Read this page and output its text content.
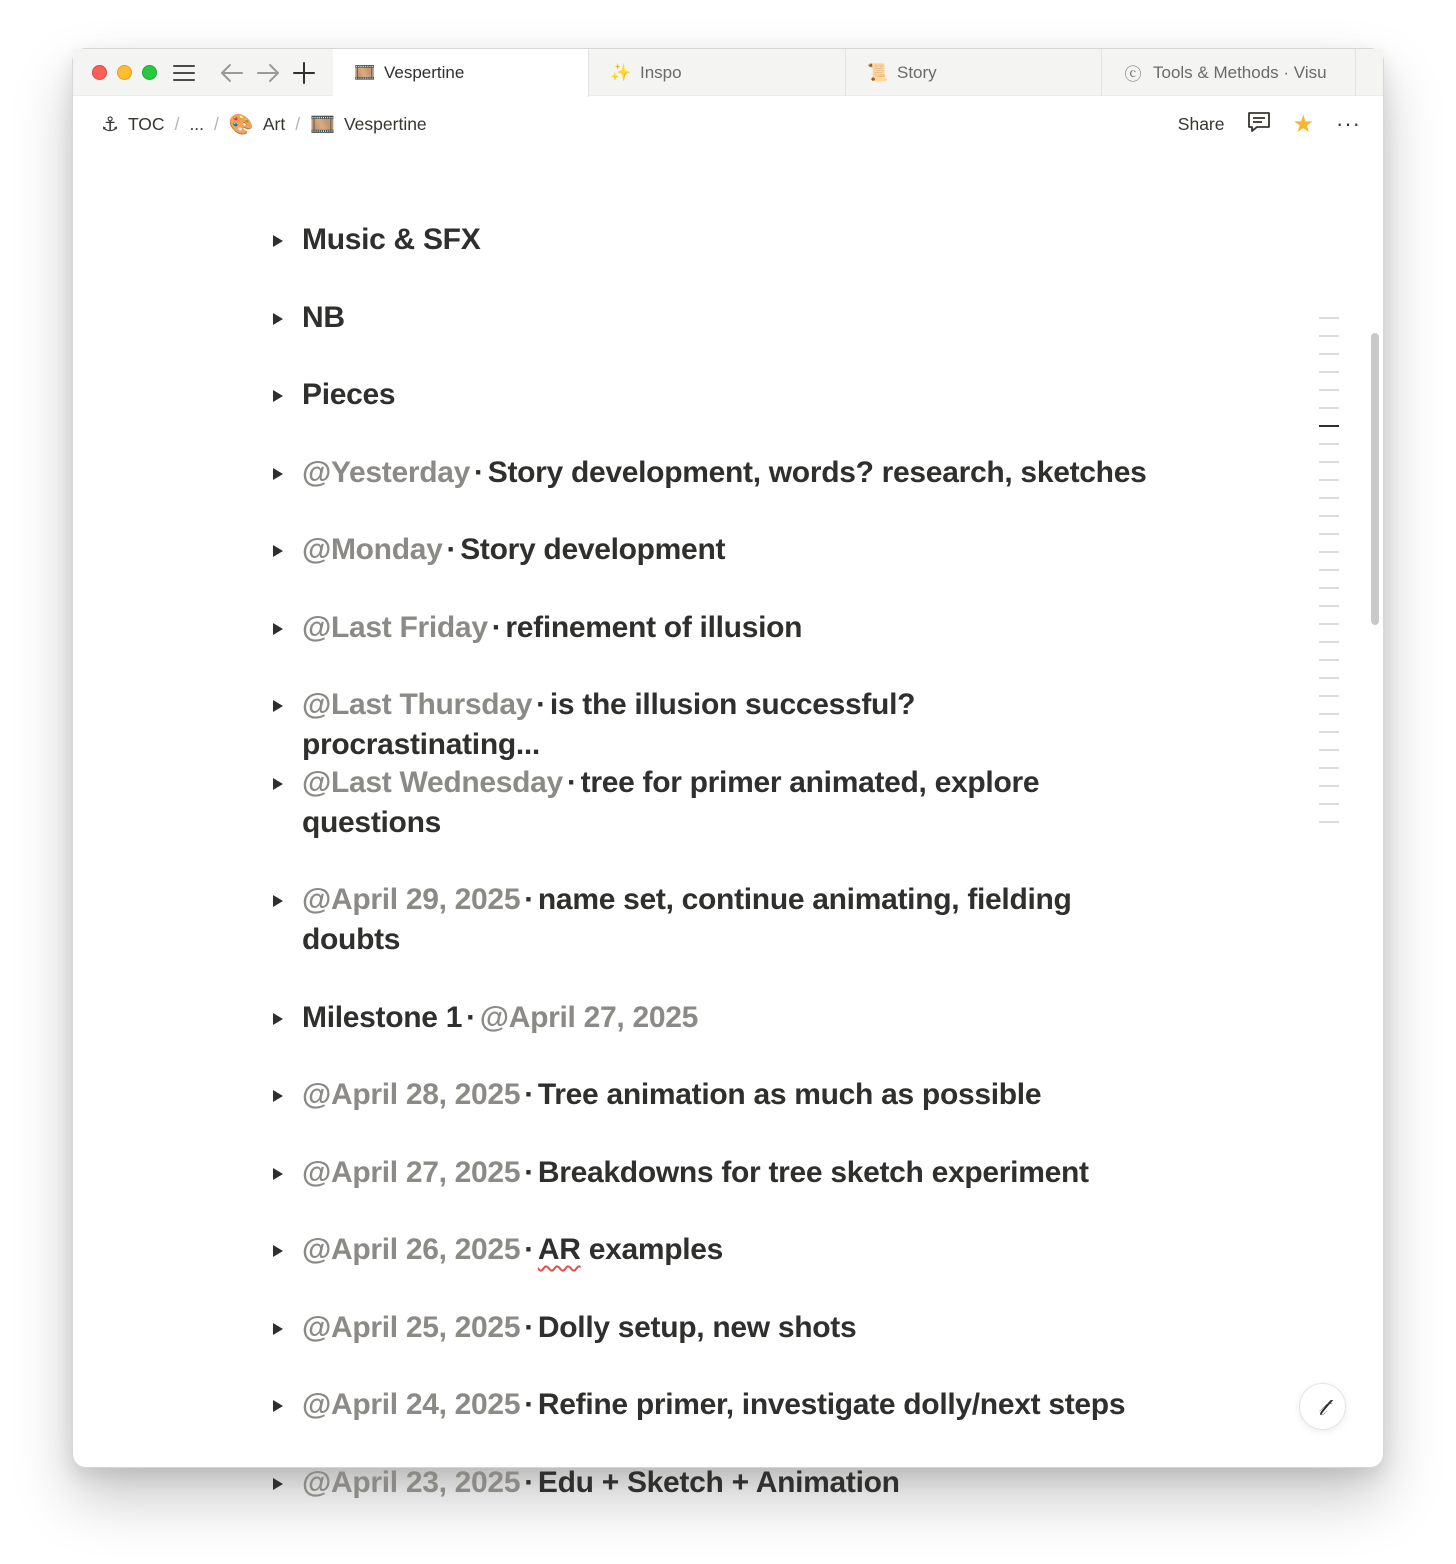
🎞️ Vespertine	✨ Inspo	📜 Story	ⓒ Tools & Methods · Visu
⚓ TOC / ... / 🎨 Art / 🎞️ Vespertine	Share	★ ···
Music & SFX
NB
Pieces
@Yesterday · Story development, words? research, sketches
@Monday · Story development
@Last Friday · refinement of illusion
@Last Thursday · is the illusion successful? procrastinating...
@Last Wednesday · tree for primer animated, explore questions
@April 29, 2025 · name set, continue animating, fielding doubts
Milestone 1 · @April 27, 2025
@April 28, 2025 · Tree animation as much as possible
@April 27, 2025 · Breakdowns for tree sketch experiment
@April 26, 2025 · AR examples
@April 25, 2025 · Dolly setup, new shots
@April 24, 2025 · Refine primer, investigate dolly/next steps
@April 23, 2025 · Edu + Sketch + Animation
𝓉
